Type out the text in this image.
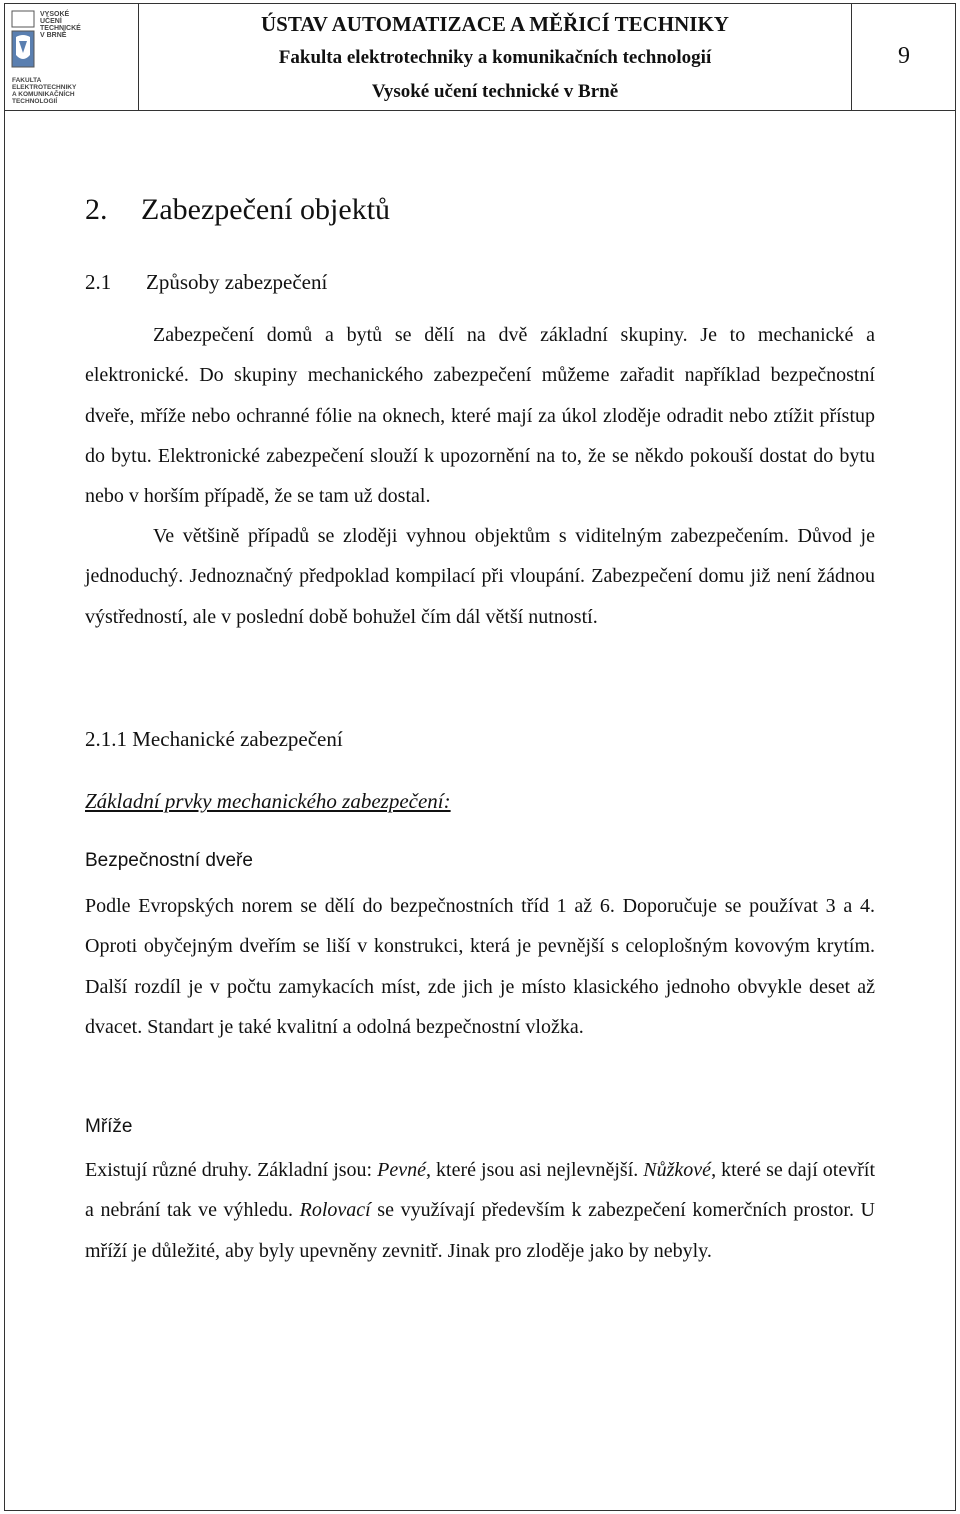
VYSOKÉ
UČENÍ
TECHNICKÉ
V BRNĚ
FAKULTA
ELEKTROTECHNIKY
A KOMUNIKAČNÍCH
TECHNOLOGIÍ
ÚSTAV AUTOMATIZACE A MĚŘICÍ TECHNIKY
Fakulta elektrotechniky a komunikačních technologií
Vysoké učení technické v Brně
9
2. Zabezpečení objektů
2.1 Způsoby zabezpečení

Zabezpečení domů a bytů se dělí na dvě základní skupiny. Je to mechanické a elektronické. Do skupiny mechanického zabezpečení můžeme zařadit například bezpečnostní dveře, mříže nebo ochranné fólie na oknech, které mají za úkol zloděje odradit nebo ztížit přístup do bytu. Elektronické zabezpečení slouží k upozornění na to, že se někdo pokouší dostat do bytu nebo v horším případě, že se tam už dostal.

Ve většině případů se zloději vyhnou objektům s viditelným zabezpečením. Důvod je jednoduchý. Jednoznačný předpoklad kompilací při vloupání. Zabezpečení domu již není žádnou výstředností, ale v poslední době bohužel čím dál větší nutností.

2.1.1 Mechanické zabezpečení

Základní prvky mechanického zabezpečení:

Bezpečnostní dveře

Podle Evropských norem se dělí do bezpečnostních tříd 1 až 6. Doporučuje se používat 3 a 4. Oproti obyčejným dveřím se liší v konstrukci, která je pevnější s celoplošným kovovým krytím. Další rozdíl je v počtu zamykacích míst, zde jich je místo klasického jednoho obvykle deset až dvacet. Standart je také kvalitní a odolná bezpečnostní vložka.

Mříže

Existují různé druhy. Základní jsou: Pevné, které jsou asi nejlevnější. Nůžkové, které se dají otevřít a nebrání tak ve výhledu. Rolovací se využívají především k zabezpečení komerčních prostor. U mříží je důležité, aby byly upevněny zevnitř. Jinak pro zloděje jako by nebyly.
